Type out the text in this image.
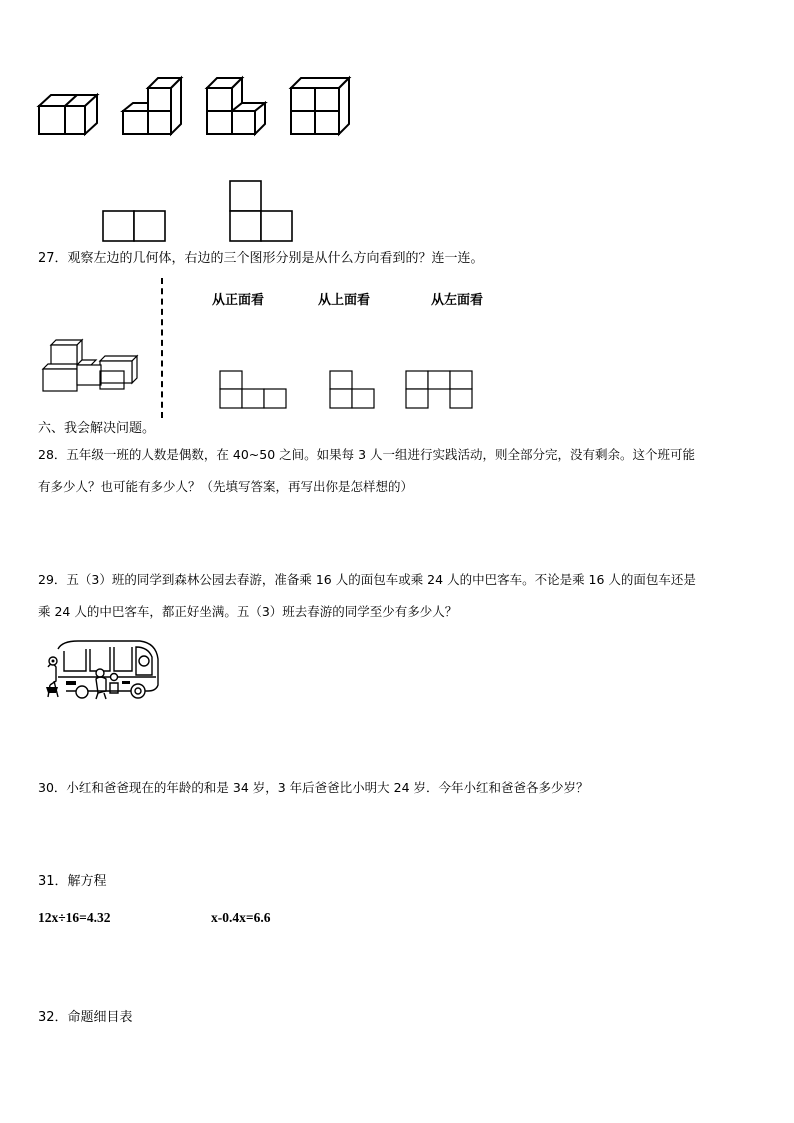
27．观察左边的几何体，右边的三个图形分别是从什么方向看到的？连一连。
从正面看	从上面看	从左面看
六、我会解决问题。
28．五年级一班的人数是偶数，在 40~50 之间。如果每 3 人一组进行实践活动，则全部分完，没有剩余。这个班可能
有多少人？也可能有多少人？（先填写答案，再写出你是怎样想的）
29．五（3）班的同学到森林公园去春游，准备乘 16 人的面包车或乘 24 人的中巴客车。不论是乘 16 人的面包车还是
乘 24 人的中巴客车，都正好坐满。五（3）班去春游的同学至少有多少人？
30．小红和爸爸现在的年龄的和是 34 岁，3 年后爸爸比小明大 24 岁．今年小红和爸爸各多少岁？
31．解方程
12x÷16=4.32	x-0.4x=6.6
32．命题细目表
